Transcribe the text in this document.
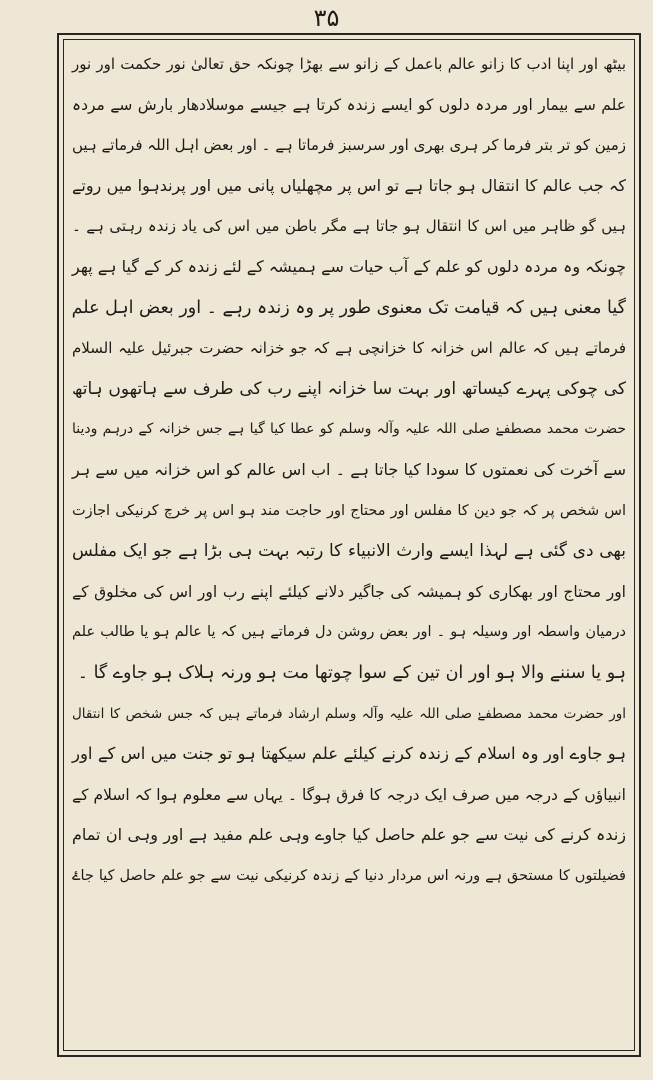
۳۵
بیٹھ اور اپنا ادب کا زانو عالم باعمل کے زانو سے بھڑا چونکہ حق تعالیٰ نور حکمت اور نور
علم سے بیمار اور مردہ دلوں کو ایسے زندہ کرتا ہے جیسے موسلادھار بارش سے مردہ
زمین کو تر بتر فرما کر ہری بھری اور سرسبز فرماتا ہے ۔ اور بعض اہل اللہ فرماتے ہیں
کہ جب عالم کا انتقال ہو جاتا ہے تو اس پر مچھلیاں پانی میں اور پرندہوا میں روتے
ہیں گو ظاہر میں اس کا انتقال ہو جاتا ہے مگر باطن میں اس کی یاد زندہ رہتی ہے ۔
چونکہ وہ مردہ دلوں کو علم کے آب حیات سے ہمیشہ کے لئے زندہ کر کے گیا ہے پھر
گیا معنی ہیں کہ قیامت تک معنوی طور پر وہ زندہ رہے ۔ اور بعض اہل علم
فرماتے ہیں کہ عالم اس خزانہ کا خزانچی ہے کہ جو خزانہ حضرت جبرئیل علیہ السلام
کی چوکی پہرے کیساتھ اور بہت سا خزانہ اپنے رب کی طرف سے ہاتھوں ہاتھ
حضرت محمد مصطفےٰ صلی اللہ علیہ وآلہ وسلم کو عطا کیا گیا ہے جس خزانہ کے درہم ودینا
سے آخرت کی نعمتوں کا سودا کیا جاتا ہے ۔ اب اس عالم کو اس خزانہ میں سے ہر
اس شخص پر کہ جو دین کا مفلس اور محتاج اور حاجت مند ہو اس پر خرچ کرنیکی اجازت
بھی دی گئی ہے لہذا ایسے وارث الانبیاء کا رتبہ بہت ہی بڑا ہے جو ایک مفلس
اور محتاج اور بھکاری کو ہمیشہ کی جاگیر دلانے کیلئے اپنے رب اور اس کی مخلوق کے
درمیان واسطہ اور وسیلہ ہو ۔ اور بعض روشن دل فرماتے ہیں کہ یا عالم ہو یا طالب علم
ہو یا سننے والا ہو اور ان تین کے سوا چوتھا مت ہو ورنہ ہلاک ہو جاوے گا ۔
اور حضرت محمد مصطفےٰ صلی اللہ علیہ وآلہ وسلم ارشاد فرماتے ہیں کہ جس شخص کا انتقال
ہو جاوے اور وہ اسلام کے زندہ کرنے کیلئے علم سیکھتا ہو تو جنت میں اس کے اور
انبیاؤں کے درجہ میں صرف ایک درجہ کا فرق ہوگا ۔ یہاں سے معلوم ہوا کہ اسلام کے
زندہ کرنے کی نیت سے جو علم حاصل کیا جاوے وہی علم مفید ہے اور وہی ان تمام
فضیلتوں کا مستحق ہے ورنہ اس مردار دنیا کے زندہ کرنیکی نیت سے جو علم حاصل کیا جاۓ
